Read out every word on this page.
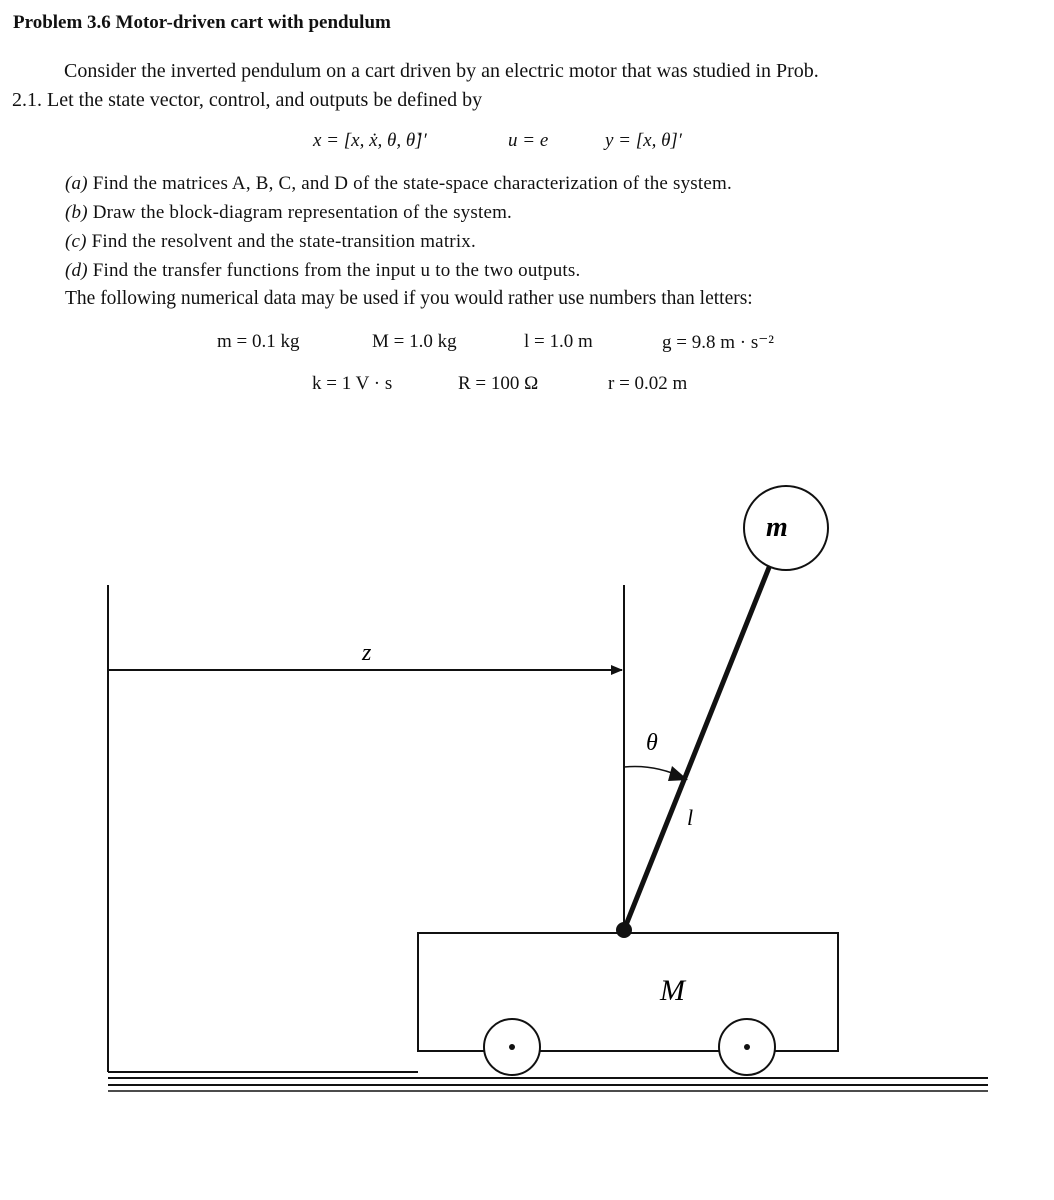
Problem 3.6 Motor-driven cart with pendulum
Consider the inverted pendulum on a cart driven by an electric motor that was studied in Prob.
2.1. Let the state vector, control, and outputs be defined by
x = [x, ẋ, θ, θ̇]′	u = e	y = [x, θ]′
(a) Find the matrices A, B, C, and D of the state-space characterization of the system.
(b) Draw the block-diagram representation of the system.
(c) Find the resolvent and the state-transition matrix.
(d) Find the transfer functions from the input u to the two outputs.
The following numerical data may be used if you would rather use numbers than letters:
m = 0.1 kg	M = 1.0 kg	l = 1.0 m	g = 9.8 m · s⁻²
k = 1 V · s	R = 100 Ω	r = 0.02 m
z
θ
l
m
M
